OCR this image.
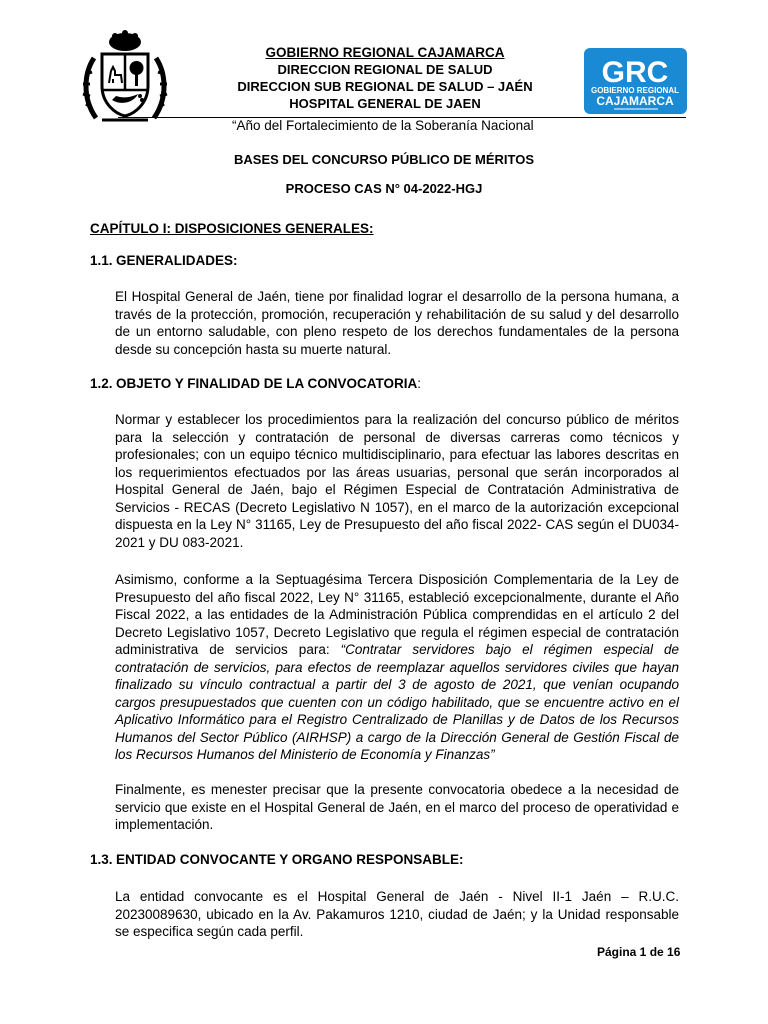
GOBIERNO REGIONAL CAJAMARCA
DIRECCION REGIONAL DE SALUD
DIRECCION SUB REGIONAL DE SALUD – JAÉN
HOSPITAL GENERAL DE JAEN
GRC
GOBIERNO REGIONAL
CAJAMARCA
“Año del Fortalecimiento de la Soberanía Nacional
BASES DEL CONCURSO PÚBLICO DE MÉRITOS
PROCESO CAS N° 04-2022-HGJ
CAPÍTULO I: DISPOSICIONES GENERALES:
1.1. GENERALIDADES:
El Hospital General de Jaén, tiene por finalidad lograr el desarrollo de la persona humana, a través de la protección, promoción, recuperación y rehabilitación de su salud y del desarrollo de un entorno saludable, con pleno respeto de los derechos fundamentales de la persona desde su concepción hasta su muerte natural.
1.2. OBJETO Y FINALIDAD DE LA CONVOCATORIA:
Normar y establecer los procedimientos para la realización del concurso público de méritos para la selección y contratación de personal de diversas carreras como técnicos y profesionales; con un equipo técnico multidisciplinario, para efectuar las labores descritas en los requerimientos efectuados por las áreas usuarias, personal que serán incorporados al Hospital General de Jaén, bajo el Régimen Especial de Contratación Administrativa de Servicios - RECAS (Decreto Legislativo N 1057), en el marco de la autorización excepcional dispuesta en la Ley N° 31165, Ley de Presupuesto del año fiscal 2022- CAS según el DU034-2021 y DU 083-2021.
Asimismo, conforme a la Septuagésima Tercera Disposición Complementaria de la Ley de Presupuesto del año fiscal 2022, Ley N° 31165, estableció excepcionalmente, durante el Año Fiscal 2022, a las entidades de la Administración Pública comprendidas en el artículo 2 del Decreto Legislativo 1057, Decreto Legislativo que regula el régimen especial de contratación administrativa de servicios para: “Contratar servidores bajo el régimen especial de contratación de servicios, para efectos de reemplazar aquellos servidores civiles que hayan finalizado su vínculo contractual a partir del 3 de agosto de 2021, que venían ocupando cargos presupuestados que cuenten con un código habilitado, que se encuentre activo en el Aplicativo Informático para el Registro Centralizado de Planillas y de Datos de los Recursos Humanos del Sector Público (AIRHSP) a cargo de la Dirección General de Gestión Fiscal de los Recursos Humanos del Ministerio de Economía y Finanzas”
Finalmente, es menester precisar que la presente convocatoria obedece a la necesidad de servicio que existe en el Hospital General de Jaén, en el marco del proceso de operatividad e implementación.
1.3. ENTIDAD CONVOCANTE Y ORGANO RESPONSABLE:
La entidad convocante es el Hospital General de Jaén - Nivel II-1 Jaén – R.U.C. 20230089630, ubicado en la Av. Pakamuros 1210, ciudad de Jaén; y la Unidad responsable se especifica según cada perfil.
Página 1 de 16
